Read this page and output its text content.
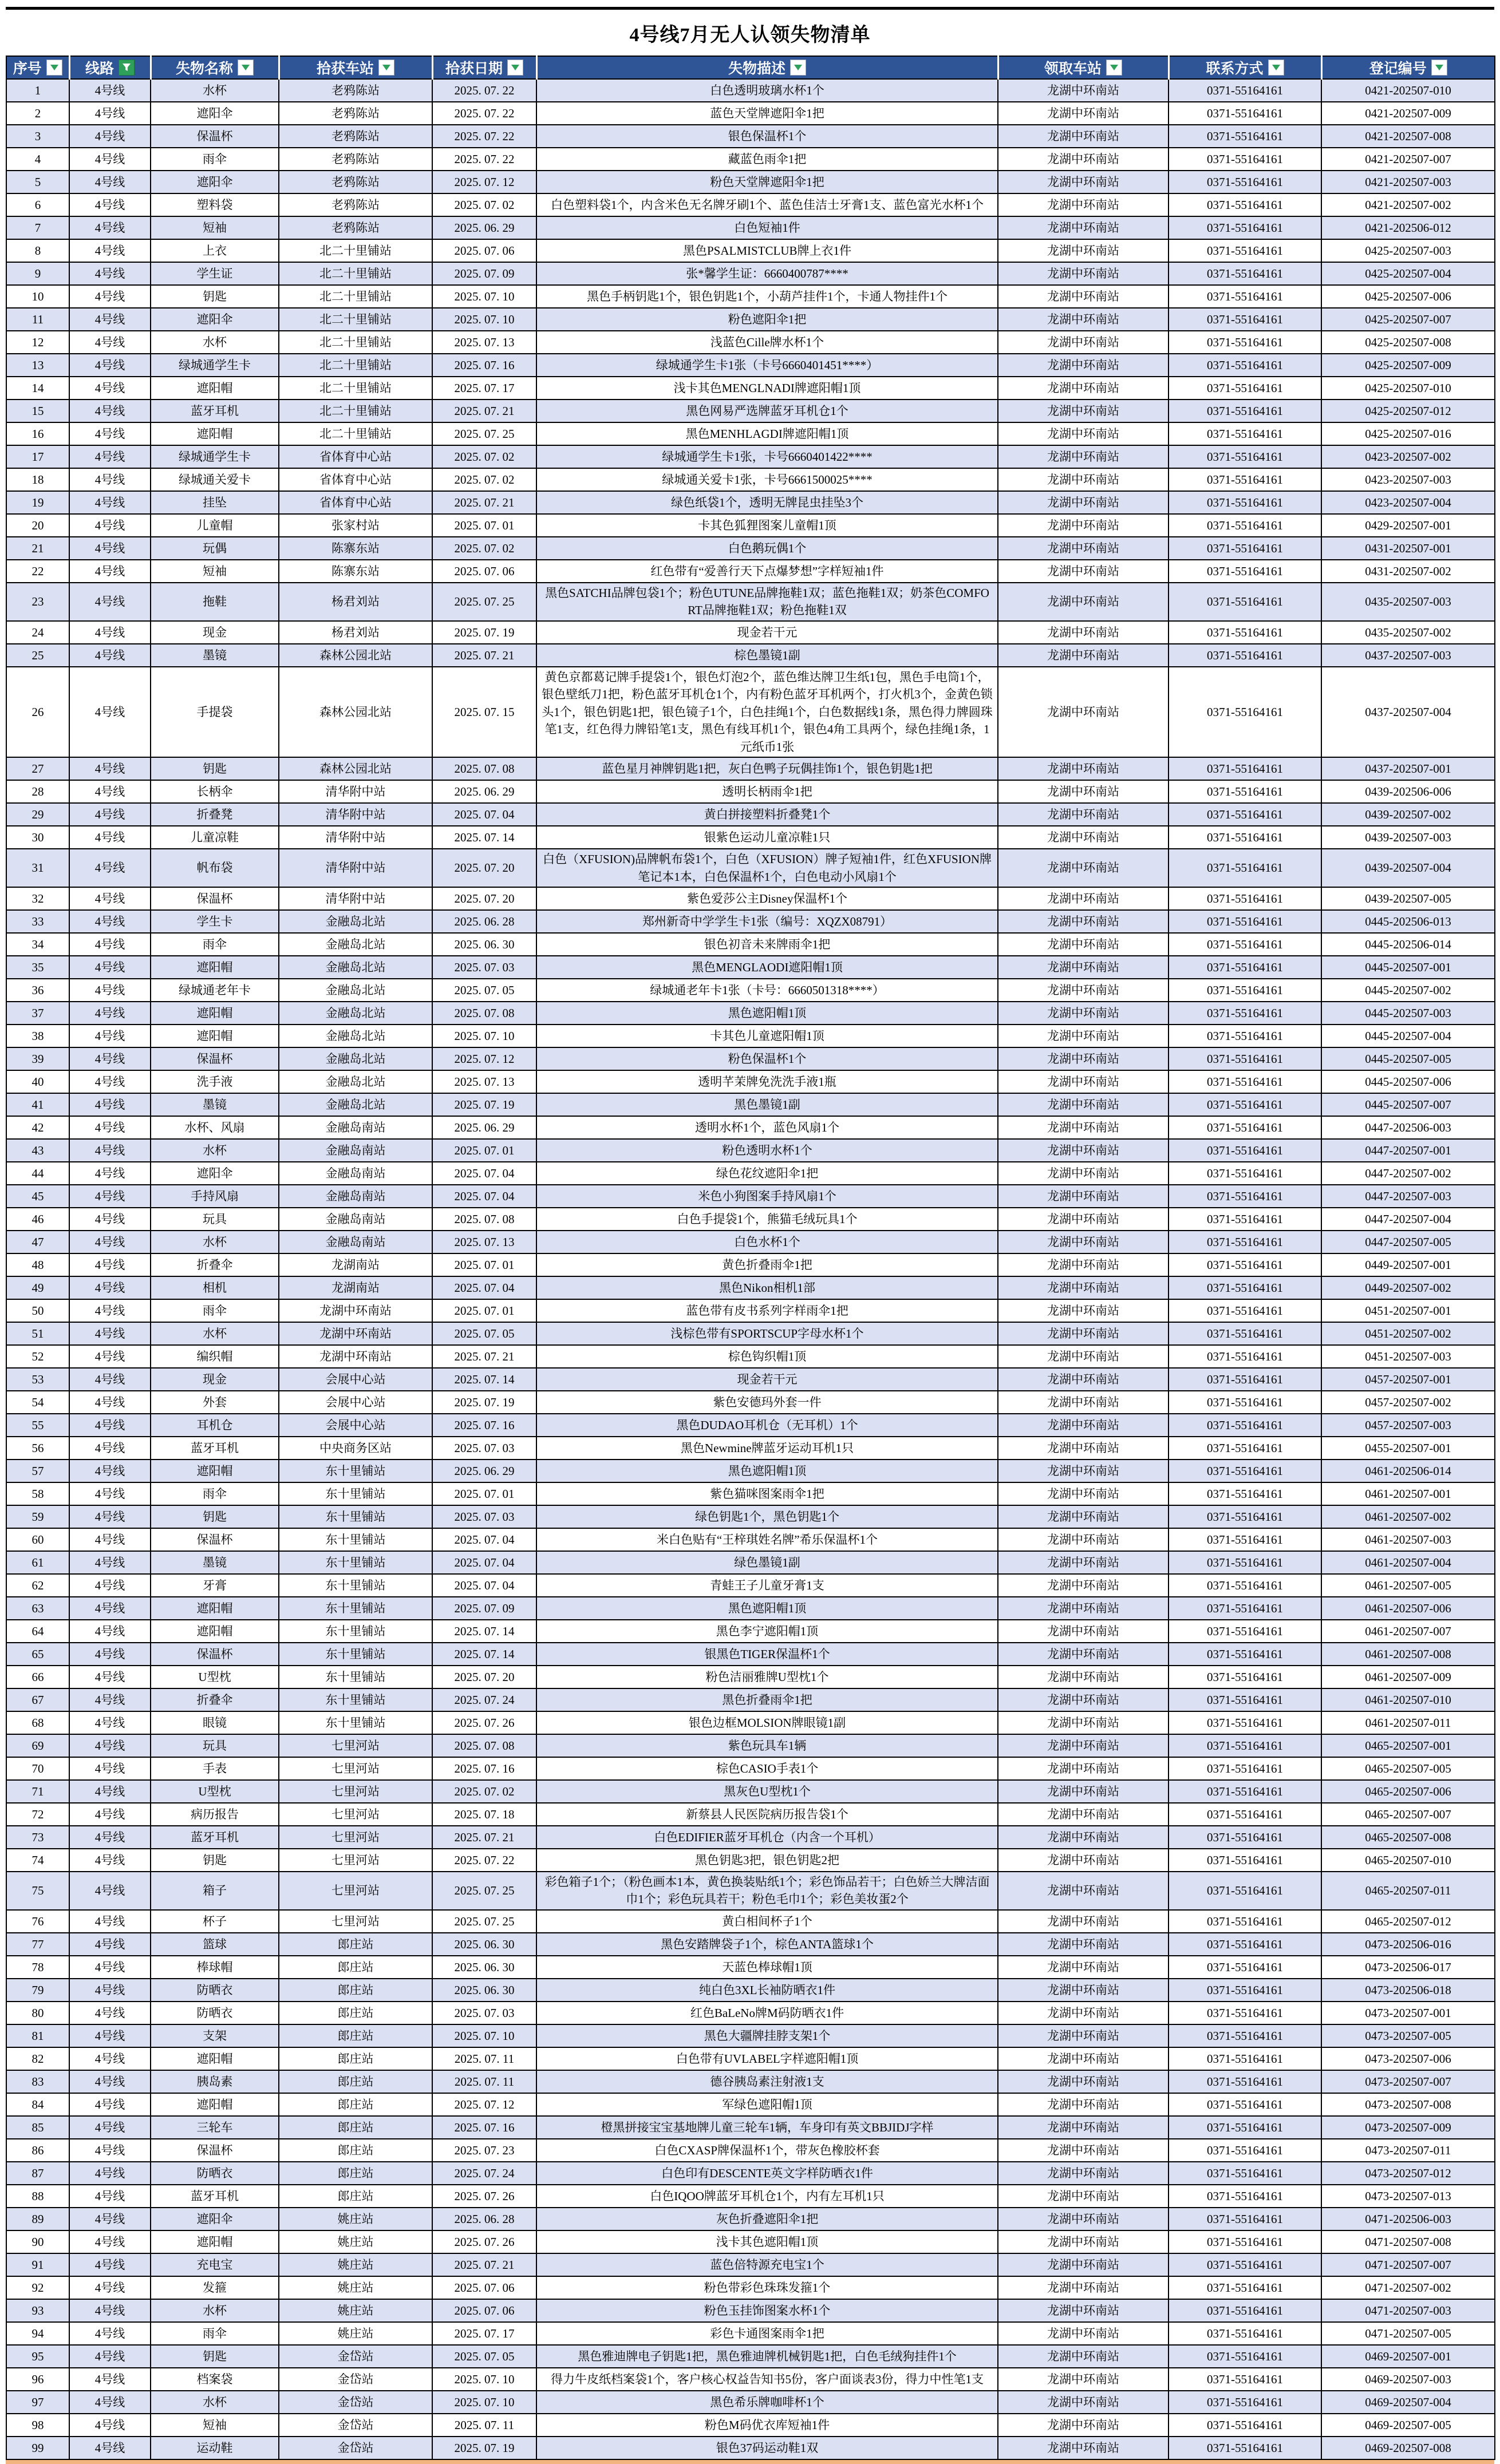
4号线7月无人认领失物清单
序号	线路	失物名称	拾获车站	拾获日期	失物描述	领取车站	联系方式	登记编号

1	4号线	水杯	老鸦陈站	2025. 07. 22	白色透明玻璃水杯1个	龙湖中环南站	0371-55164161	0421-202507-010
2	4号线	遮阳伞	老鸦陈站	2025. 07. 22	蓝色天堂牌遮阳伞1把	龙湖中环南站	0371-55164161	0421-202507-009
3	4号线	保温杯	老鸦陈站	2025. 07. 22	银色保温杯1个	龙湖中环南站	0371-55164161	0421-202507-008
4	4号线	雨伞	老鸦陈站	2025. 07. 22	藏蓝色雨伞1把	龙湖中环南站	0371-55164161	0421-202507-007
5	4号线	遮阳伞	老鸦陈站	2025. 07. 12	粉色天堂牌遮阳伞1把	龙湖中环南站	0371-55164161	0421-202507-003
6	4号线	塑料袋	老鸦陈站	2025. 07. 02	白色塑料袋1个，内含米色无名牌牙刷1个、蓝色佳洁士牙膏1支、蓝色富光水杯1个	龙湖中环南站	0371-55164161	0421-202507-002
7	4号线	短袖	老鸦陈站	2025. 06. 29	白色短袖1件	龙湖中环南站	0371-55164161	0421-202506-012
8	4号线	上衣	北二十里铺站	2025. 07. 06	黑色PSALMISTCLUB牌上衣1件	龙湖中环南站	0371-55164161	0425-202507-003
9	4号线	学生证	北二十里铺站	2025. 07. 09	张*馨学生证：6660400787****	龙湖中环南站	0371-55164161	0425-202507-004
10	4号线	钥匙	北二十里铺站	2025. 07. 10	黑色手柄钥匙1个，银色钥匙1个，小葫芦挂件1个，卡通人物挂件1个	龙湖中环南站	0371-55164161	0425-202507-006
11	4号线	遮阳伞	北二十里铺站	2025. 07. 10	粉色遮阳伞1把	龙湖中环南站	0371-55164161	0425-202507-007
12	4号线	水杯	北二十里铺站	2025. 07. 13	浅蓝色Cille牌水杯1个	龙湖中环南站	0371-55164161	0425-202507-008
13	4号线	绿城通学生卡	北二十里铺站	2025. 07. 16	绿城通学生卡1张（卡号6660401451****）	龙湖中环南站	0371-55164161	0425-202507-009
14	4号线	遮阳帽	北二十里铺站	2025. 07. 17	浅卡其色MENGLNADI牌遮阳帽1顶	龙湖中环南站	0371-55164161	0425-202507-010
15	4号线	蓝牙耳机	北二十里铺站	2025. 07. 21	黑色网易严选牌蓝牙耳机仓1个	龙湖中环南站	0371-55164161	0425-202507-012
16	4号线	遮阳帽	北二十里铺站	2025. 07. 25	黑色MENHLAGDI牌遮阳帽1顶	龙湖中环南站	0371-55164161	0425-202507-016
17	4号线	绿城通学生卡	省体育中心站	2025. 07. 02	绿城通学生卡1张，卡号6660401422****	龙湖中环南站	0371-55164161	0423-202507-002
18	4号线	绿城通关爱卡	省体育中心站	2025. 07. 02	绿城通关爱卡1张，卡号6661500025****	龙湖中环南站	0371-55164161	0423-202507-003
19	4号线	挂坠	省体育中心站	2025. 07. 21	绿色纸袋1个，透明无牌昆虫挂坠3个	龙湖中环南站	0371-55164161	0423-202507-004
20	4号线	儿童帽	张家村站	2025. 07. 01	卡其色狐狸图案儿童帽1顶	龙湖中环南站	0371-55164161	0429-202507-001
21	4号线	玩偶	陈寨东站	2025. 07. 02	白色鹅玩偶1个	龙湖中环南站	0371-55164161	0431-202507-001
22	4号线	短袖	陈寨东站	2025. 07. 06	红色带有“爱善行天下点爆梦想”字样短袖1件	龙湖中环南站	0371-55164161	0431-202507-002
23	4号线	拖鞋	杨君刘站	2025. 07. 25	黑色SATCHI品牌包袋1个；粉色UTUNE品牌拖鞋1双；蓝色拖鞋1双；奶茶色COMFORT品牌拖鞋1双；粉色拖鞋1双	龙湖中环南站	0371-55164161	0435-202507-003
24	4号线	现金	杨君刘站	2025. 07. 19	现金若干元	龙湖中环南站	0371-55164161	0435-202507-002
25	4号线	墨镜	森林公园北站	2025. 07. 21	棕色墨镜1副	龙湖中环南站	0371-55164161	0437-202507-003
26	4号线	手提袋	森林公园北站	2025. 07. 15	黄色京都葛记牌手提袋1个，银色灯泡2个，蓝色维达牌卫生纸1包，黑色手电筒1个，银色壁纸刀1把，粉色蓝牙耳机仓1个，内有粉色蓝牙耳机两个，打火机3个，金黄色锁头1个，银色钥匙1把，银色镜子1个，白色挂绳1个，白色数据线1条，黑色得力牌圆珠笔1支，红色得力牌铅笔1支，黑色有线耳机1个，银色4角工具两个，绿色挂绳1条，1元纸币1张	龙湖中环南站	0371-55164161	0437-202507-004
27	4号线	钥匙	森林公园北站	2025. 07. 08	蓝色星月神牌钥匙1把，灰白色鸭子玩偶挂饰1个，银色钥匙1把	龙湖中环南站	0371-55164161	0437-202507-001
28	4号线	长柄伞	清华附中站	2025. 06. 29	透明长柄雨伞1把	龙湖中环南站	0371-55164161	0439-202506-006
29	4号线	折叠凳	清华附中站	2025. 07. 04	黄白拼接塑料折叠凳1个	龙湖中环南站	0371-55164161	0439-202507-002
30	4号线	儿童凉鞋	清华附中站	2025. 07. 14	银紫色运动儿童凉鞋1只	龙湖中环南站	0371-55164161	0439-202507-003
31	4号线	帆布袋	清华附中站	2025. 07. 20	白色（XFUSION)品牌帆布袋1个，白色（XFUSION）牌子短袖1件，红色XFUSION牌笔记本1本，白色保温杯1个，白色电动小风扇1个	龙湖中环南站	0371-55164161	0439-202507-004
32	4号线	保温杯	清华附中站	2025. 07. 20	紫色爱莎公主Disney保温杯1个	龙湖中环南站	0371-55164161	0439-202507-005
33	4号线	学生卡	金融岛北站	2025. 06. 28	郑州新奇中学学生卡1张（编号：XQZX08791）	龙湖中环南站	0371-55164161	0445-202506-013
34	4号线	雨伞	金融岛北站	2025. 06. 30	银色初音未来牌雨伞1把	龙湖中环南站	0371-55164161	0445-202506-014
35	4号线	遮阳帽	金融岛北站	2025. 07. 03	黑色MENGLAODI遮阳帽1顶	龙湖中环南站	0371-55164161	0445-202507-001
36	4号线	绿城通老年卡	金融岛北站	2025. 07. 05	绿城通老年卡1张（卡号：6660501318****）	龙湖中环南站	0371-55164161	0445-202507-002
37	4号线	遮阳帽	金融岛北站	2025. 07. 08	黑色遮阳帽1顶	龙湖中环南站	0371-55164161	0445-202507-003
38	4号线	遮阳帽	金融岛北站	2025. 07. 10	卡其色儿童遮阳帽1顶	龙湖中环南站	0371-55164161	0445-202507-004
39	4号线	保温杯	金融岛北站	2025. 07. 12	粉色保温杯1个	龙湖中环南站	0371-55164161	0445-202507-005
40	4号线	洗手液	金融岛北站	2025. 07. 13	透明芊茉牌免洗洗手液1瓶	龙湖中环南站	0371-55164161	0445-202507-006
41	4号线	墨镜	金融岛北站	2025. 07. 19	黑色墨镜1副	龙湖中环南站	0371-55164161	0445-202507-007
42	4号线	水杯、风扇	金融岛南站	2025. 06. 29	透明水杯1个，蓝色风扇1个	龙湖中环南站	0371-55164161	0447-202506-003
43	4号线	水杯	金融岛南站	2025. 07. 01	粉色透明水杯1个	龙湖中环南站	0371-55164161	0447-202507-001
44	4号线	遮阳伞	金融岛南站	2025. 07. 04	绿色花纹遮阳伞1把	龙湖中环南站	0371-55164161	0447-202507-002
45	4号线	手持风扇	金融岛南站	2025. 07. 04	米色小狗图案手持风扇1个	龙湖中环南站	0371-55164161	0447-202507-003
46	4号线	玩具	金融岛南站	2025. 07. 08	白色手提袋1个，熊猫毛绒玩具1个	龙湖中环南站	0371-55164161	0447-202507-004
47	4号线	水杯	金融岛南站	2025. 07. 13	白色水杯1个	龙湖中环南站	0371-55164161	0447-202507-005
48	4号线	折叠伞	龙湖南站	2025. 07. 01	黄色折叠雨伞1把	龙湖中环南站	0371-55164161	0449-202507-001
49	4号线	相机	龙湖南站	2025. 07. 04	黑色Nikon相机1部	龙湖中环南站	0371-55164161	0449-202507-002
50	4号线	雨伞	龙湖中环南站	2025. 07. 01	蓝色带有皮书系列字样雨伞1把	龙湖中环南站	0371-55164161	0451-202507-001
51	4号线	水杯	龙湖中环南站	2025. 07. 05	浅棕色带有SPORTSCUP字母水杯1个	龙湖中环南站	0371-55164161	0451-202507-002
52	4号线	编织帽	龙湖中环南站	2025. 07. 21	棕色钩织帽1顶	龙湖中环南站	0371-55164161	0451-202507-003
53	4号线	现金	会展中心站	2025. 07. 14	现金若干元	龙湖中环南站	0371-55164161	0457-202507-001
54	4号线	外套	会展中心站	2025. 07. 19	紫色安德玛外套一件	龙湖中环南站	0371-55164161	0457-202507-002
55	4号线	耳机仓	会展中心站	2025. 07. 16	黑色DUDAO耳机仓（无耳机）1个	龙湖中环南站	0371-55164161	0457-202507-003
56	4号线	蓝牙耳机	中央商务区站	2025. 07. 03	黑色Newmine牌蓝牙运动耳机1只	龙湖中环南站	0371-55164161	0455-202507-001
57	4号线	遮阳帽	东十里铺站	2025. 06. 29	黑色遮阳帽1顶	龙湖中环南站	0371-55164161	0461-202506-014
58	4号线	雨伞	东十里铺站	2025. 07. 01	紫色猫咪图案雨伞1把	龙湖中环南站	0371-55164161	0461-202507-001
59	4号线	钥匙	东十里铺站	2025. 07. 03	绿色钥匙1个，黑色钥匙1个	龙湖中环南站	0371-55164161	0461-202507-002
60	4号线	保温杯	东十里铺站	2025. 07. 04	米白色贴有“王梓琪姓名牌”希乐保温杯1个	龙湖中环南站	0371-55164161	0461-202507-003
61	4号线	墨镜	东十里铺站	2025. 07. 04	绿色墨镜1副	龙湖中环南站	0371-55164161	0461-202507-004
62	4号线	牙膏	东十里铺站	2025. 07. 04	青蛙王子儿童牙膏1支	龙湖中环南站	0371-55164161	0461-202507-005
63	4号线	遮阳帽	东十里铺站	2025. 07. 09	黑色遮阳帽1顶	龙湖中环南站	0371-55164161	0461-202507-006
64	4号线	遮阳帽	东十里铺站	2025. 07. 14	黑色李宁遮阳帽1顶	龙湖中环南站	0371-55164161	0461-202507-007
65	4号线	保温杯	东十里铺站	2025. 07. 14	银黑色TIGER保温杯1个	龙湖中环南站	0371-55164161	0461-202507-008
66	4号线	U型枕	东十里铺站	2025. 07. 20	粉色洁丽雅牌U型枕1个	龙湖中环南站	0371-55164161	0461-202507-009
67	4号线	折叠伞	东十里铺站	2025. 07. 24	黑色折叠雨伞1把	龙湖中环南站	0371-55164161	0461-202507-010
68	4号线	眼镜	东十里铺站	2025. 07. 26	银色边框MOLSION牌眼镜1副	龙湖中环南站	0371-55164161	0461-202507-011
69	4号线	玩具	七里河站	2025. 07. 08	紫色玩具车1辆	龙湖中环南站	0371-55164161	0465-202507-001
70	4号线	手表	七里河站	2025. 07. 16	棕色CASIO手表1个	龙湖中环南站	0371-55164161	0465-202507-005
71	4号线	U型枕	七里河站	2025. 07. 02	黑灰色U型枕1个	龙湖中环南站	0371-55164161	0465-202507-006
72	4号线	病历报告	七里河站	2025. 07. 18	新蔡县人民医院病历报告袋1个	龙湖中环南站	0371-55164161	0465-202507-007
73	4号线	蓝牙耳机	七里河站	2025. 07. 21	白色EDIFIER蓝牙耳机仓（内含一个耳机）	龙湖中环南站	0371-55164161	0465-202507-008
74	4号线	钥匙	七里河站	2025. 07. 22	黑色钥匙3把，银色钥匙2把	龙湖中环南站	0371-55164161	0465-202507-010
75	4号线	箱子	七里河站	2025. 07. 25	彩色箱子1个；（粉色画本1本，黄色换装贴纸1个；彩色饰品若干；白色娇兰大牌洁面巾1个；彩色玩具若干；粉色毛巾1个；彩色美妆蛋2个	龙湖中环南站	0371-55164161	0465-202507-011
76	4号线	杯子	七里河站	2025. 07. 25	黄白相间杯子1个	龙湖中环南站	0371-55164161	0465-202507-012
77	4号线	篮球	郎庄站	2025. 06. 30	黑色安踏牌袋子1个，棕色ANTA篮球1个	龙湖中环南站	0371-55164161	0473-202506-016
78	4号线	棒球帽	郎庄站	2025. 06. 30	天蓝色棒球帽1顶	龙湖中环南站	0371-55164161	0473-202506-017
79	4号线	防晒衣	郎庄站	2025. 06. 30	纯白色3XL长袖防晒衣1件	龙湖中环南站	0371-55164161	0473-202506-018
80	4号线	防晒衣	郎庄站	2025. 07. 03	红色BaLeNo牌M码防晒衣1件	龙湖中环南站	0371-55164161	0473-202507-001
81	4号线	支架	郎庄站	2025. 07. 10	黑色大疆牌挂脖支架1个	龙湖中环南站	0371-55164161	0473-202507-005
82	4号线	遮阳帽	郎庄站	2025. 07. 11	白色带有UVLABEL字样遮阳帽1顶	龙湖中环南站	0371-55164161	0473-202507-006
83	4号线	胰岛素	郎庄站	2025. 07. 11	德谷胰岛素注射液1支	龙湖中环南站	0371-55164161	0473-202507-007
84	4号线	遮阳帽	郎庄站	2025. 07. 12	军绿色遮阳帽1顶	龙湖中环南站	0371-55164161	0473-202507-008
85	4号线	三轮车	郎庄站	2025. 07. 16	橙黑拼接宝宝基地牌儿童三轮车1辆，车身印有英文BBJIDJ字样	龙湖中环南站	0371-55164161	0473-202507-009
86	4号线	保温杯	郎庄站	2025. 07. 23	白色CXASP牌保温杯1个，带灰色橡胶杯套	龙湖中环南站	0371-55164161	0473-202507-011
87	4号线	防晒衣	郎庄站	2025. 07. 24	白色印有DESCENTE英文字样防晒衣1件	龙湖中环南站	0371-55164161	0473-202507-012
88	4号线	蓝牙耳机	郎庄站	2025. 07. 26	白色IQOO牌蓝牙耳机仓1个，内有左耳机1只	龙湖中环南站	0371-55164161	0473-202507-013
89	4号线	遮阳伞	姚庄站	2025. 06. 28	灰色折叠遮阳伞1把	龙湖中环南站	0371-55164161	0471-202506-003
90	4号线	遮阳帽	姚庄站	2025. 07. 26	浅卡其色遮阳帽1顶	龙湖中环南站	0371-55164161	0471-202507-008
91	4号线	充电宝	姚庄站	2025. 07. 21	蓝色倍特源充电宝1个	龙湖中环南站	0371-55164161	0471-202507-007
92	4号线	发箍	姚庄站	2025. 07. 06	粉色带彩色珠珠发箍1个	龙湖中环南站	0371-55164161	0471-202507-002
93	4号线	水杯	姚庄站	2025. 07. 06	粉色玉挂饰图案水杯1个	龙湖中环南站	0371-55164161	0471-202507-003
94	4号线	雨伞	姚庄站	2025. 07. 17	彩色卡通图案雨伞1把	龙湖中环南站	0371-55164161	0471-202507-005
95	4号线	钥匙	金岱站	2025. 07. 05	黑色雅迪牌电子钥匙1把，黑色雅迪牌机械钥匙1把，白色毛绒狗挂件1个	龙湖中环南站	0371-55164161	0469-202507-001
96	4号线	档案袋	金岱站	2025. 07. 10	得力牛皮纸档案袋1个，客户核心权益告知书5份，客户面谈表3份，得力中性笔1支	龙湖中环南站	0371-55164161	0469-202507-003
97	4号线	水杯	金岱站	2025. 07. 10	黑色希乐牌咖啡杯1个	龙湖中环南站	0371-55164161	0469-202507-004
98	4号线	短袖	金岱站	2025. 07. 11	粉色M码优衣库短袖1件	龙湖中环南站	0371-55164161	0469-202507-005
99	4号线	运动鞋	金岱站	2025. 07. 19	银色37码运动鞋1双	龙湖中环南站	0371-55164161	0469-202507-008
